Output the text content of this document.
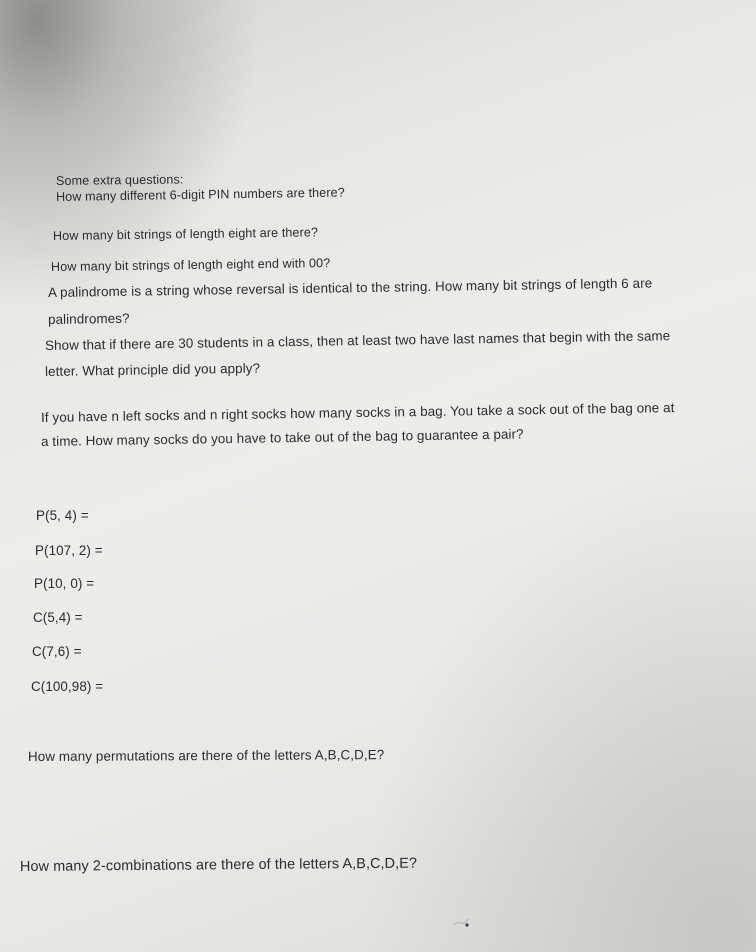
Some extra questions:
How many different 6-digit PIN numbers are there?
How many bit strings of length eight are there?
How many bit strings of length eight end with 00?
A palindrome is a string whose reversal is identical to the string. How many bit strings of length 6 are
palindromes?
Show that if there are 30 students in a class, then at least two have last names that begin with the same
letter. What principle did you apply?
If you have n left socks and n right socks how many socks in a bag. You take a sock out of the bag one at
a time. How many socks do you have to take out of the bag to guarantee a pair?
P(5, 4) =
P(107, 2) =
P(10, 0) =
C(5,4) =
C(7,6) =
C(100,98) =
How many permutations are there of the letters A,B,C,D,E?
How many 2-combinations are there of the letters A,B,C,D,E?
